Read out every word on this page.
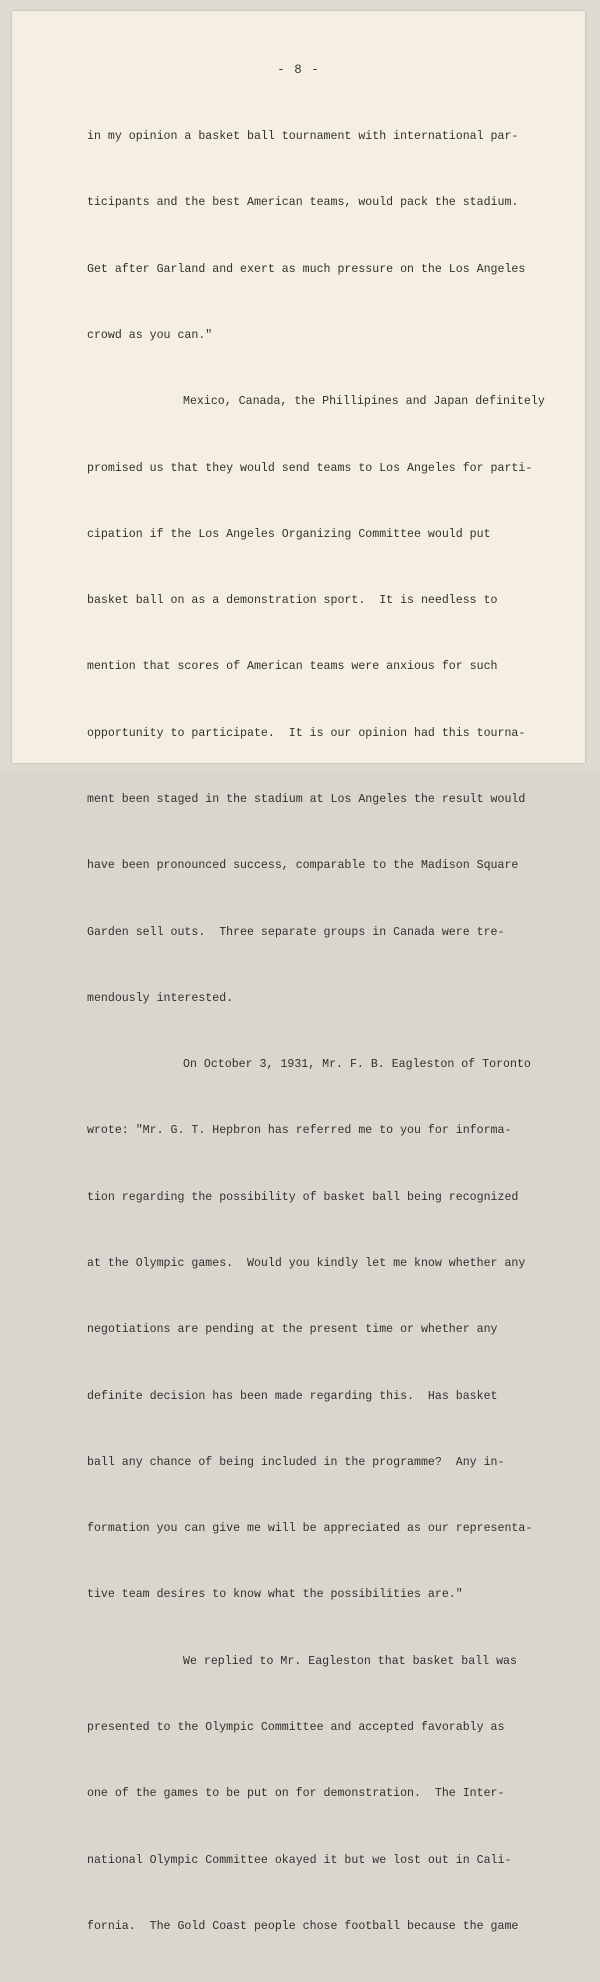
- 8 -

in my opinion a basket ball tournament with international par-

ticipants and the best American teams, would pack the stadium.

Get after Garland and exert as much pressure on the Los Angeles

crowd as you can."

Mexico, Canada, the Phillipines and Japan definitely

promised us that they would send teams to Los Angeles for parti-

cipation if the Los Angeles Organizing Committee would put

basket ball on as a demonstration sport.  It is needless to

mention that scores of American teams were anxious for such

opportunity to participate.  It is our opinion had this tourna-

ment been staged in the stadium at Los Angeles the result would

have been pronounced success, comparable to the Madison Square

Garden sell outs.  Three separate groups in Canada were tre-

mendously interested.

On October 3, 1931, Mr. F. B. Eagleston of Toronto

wrote: "Mr. G. T. Hepbron has referred me to you for informa-

tion regarding the possibility of basket ball being recognized

at the Olympic games.  Would you kindly let me know whether any

negotiations are pending at the present time or whether any

definite decision has been made regarding this.  Has basket

ball any chance of being included in the programme?  Any in-

formation you can give me will be appreciated as our representa-

tive team desires to know what the possibilities are."

We replied to Mr. Eagleston that basket ball was

presented to the Olympic Committee and accepted favorably as

one of the games to be put on for demonstration.  The Inter-

national Olympic Committee okayed it but we lost out in Cali-

fornia.  The Gold Coast people chose football because the game
